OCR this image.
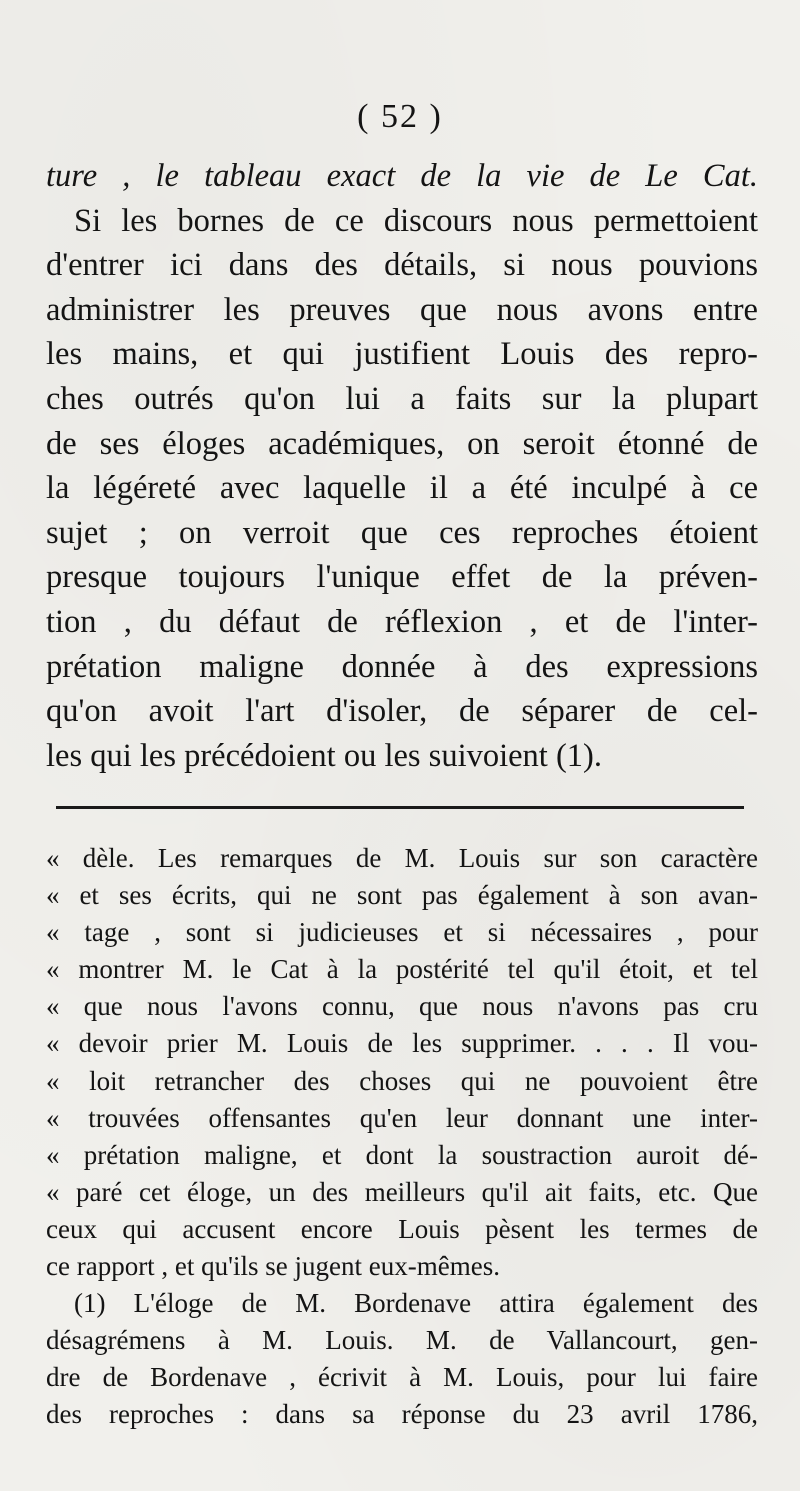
( 52 )
ture , le tableau exact de la vie de Le Cat.
Si les bornes de ce discours nous permettoient
d'entrer ici dans des détails, si nous pouvions
administrer les preuves que nous avons entre
les mains, et qui justifient Louis des repro-
ches outrés qu'on lui a faits sur la plupart
de ses éloges académiques, on seroit étonné de
la légéreté avec laquelle il a été inculpé à ce
sujet ; on verroit que ces reproches étoient
presque toujours l'unique effet de la préven-
tion , du défaut de réflexion , et de l'inter-
prétation maligne donnée à des expressions
qu'on avoit l'art d'isoler, de séparer de cel-
les qui les précédoient ou les suivoient (1).
« dèle. Les remarques de M. Louis sur son caractère
« et ses écrits, qui ne sont pas également à son avan-
« tage , sont si judicieuses et si nécessaires , pour
« montrer M. le Cat à la postérité tel qu'il étoit, et tel
« que nous l'avons connu, que nous n'avons pas cru
« devoir prier M. Louis de les supprimer. . . . Il vou-
« loit retrancher des choses qui ne pouvoient être
« trouvées offensantes qu'en leur donnant une inter-
« prétation maligne, et dont la soustraction auroit dé-
« paré cet éloge, un des meilleurs qu'il ait faits, etc. Que
ceux qui accusent encore Louis pèsent les termes de
ce rapport , et qu'ils se jugent eux-mêmes.
(1) L'éloge de M. Bordenave attira également des
désagrémens à M. Louis. M. de Vallancourt, gen-
dre de Bordenave , écrivit à M. Louis, pour lui faire
des reproches : dans sa réponse du 23 avril 1786,
